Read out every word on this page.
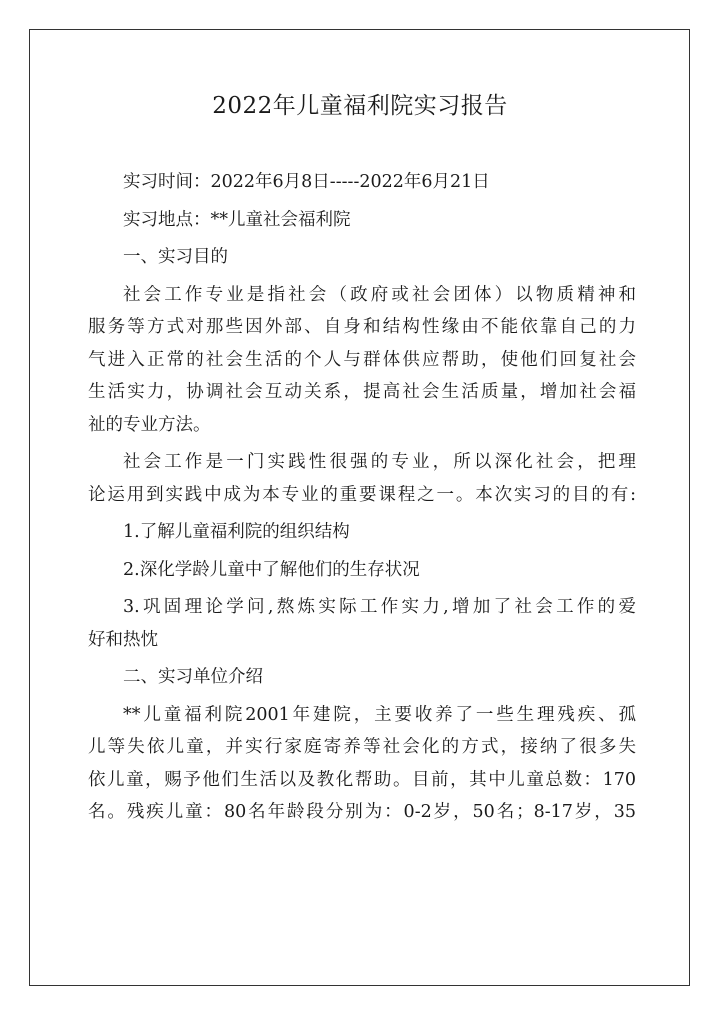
2022年儿童福利院实习报告
实习时间：2022年6月8日-----2022年6月21日
实习地点：**儿童社会福利院
一、实习目的
社会工作专业是指社会（政府或社会团体）以物质精神和
服务等方式对那些因外部、自身和结构性缘由不能依靠自己的力
气进入正常的社会生活的个人与群体供应帮助，使他们回复社会
生活实力，协调社会互动关系，提高社会生活质量，增加社会福
祉的专业方法。
社会工作是一门实践性很强的专业，所以深化社会，把理
论运用到实践中成为本专业的重要课程之一。本次实习的目的有:
1.了解儿童福利院的组织结构
2.深化学龄儿童中了解他们的生存状况
3.巩固理论学问,熬炼实际工作实力,增加了社会工作的爱
好和热忱
二、实习单位介绍
**儿童福利院2001年建院，主要收养了一些生理残疾、孤
儿等失依儿童，并实行家庭寄养等社会化的方式，接纳了很多失
依儿童，赐予他们生活以及教化帮助。目前，其中儿童总数：170
名。残疾儿童：80名年龄段分别为：0-2岁，50名；8-17岁，35
